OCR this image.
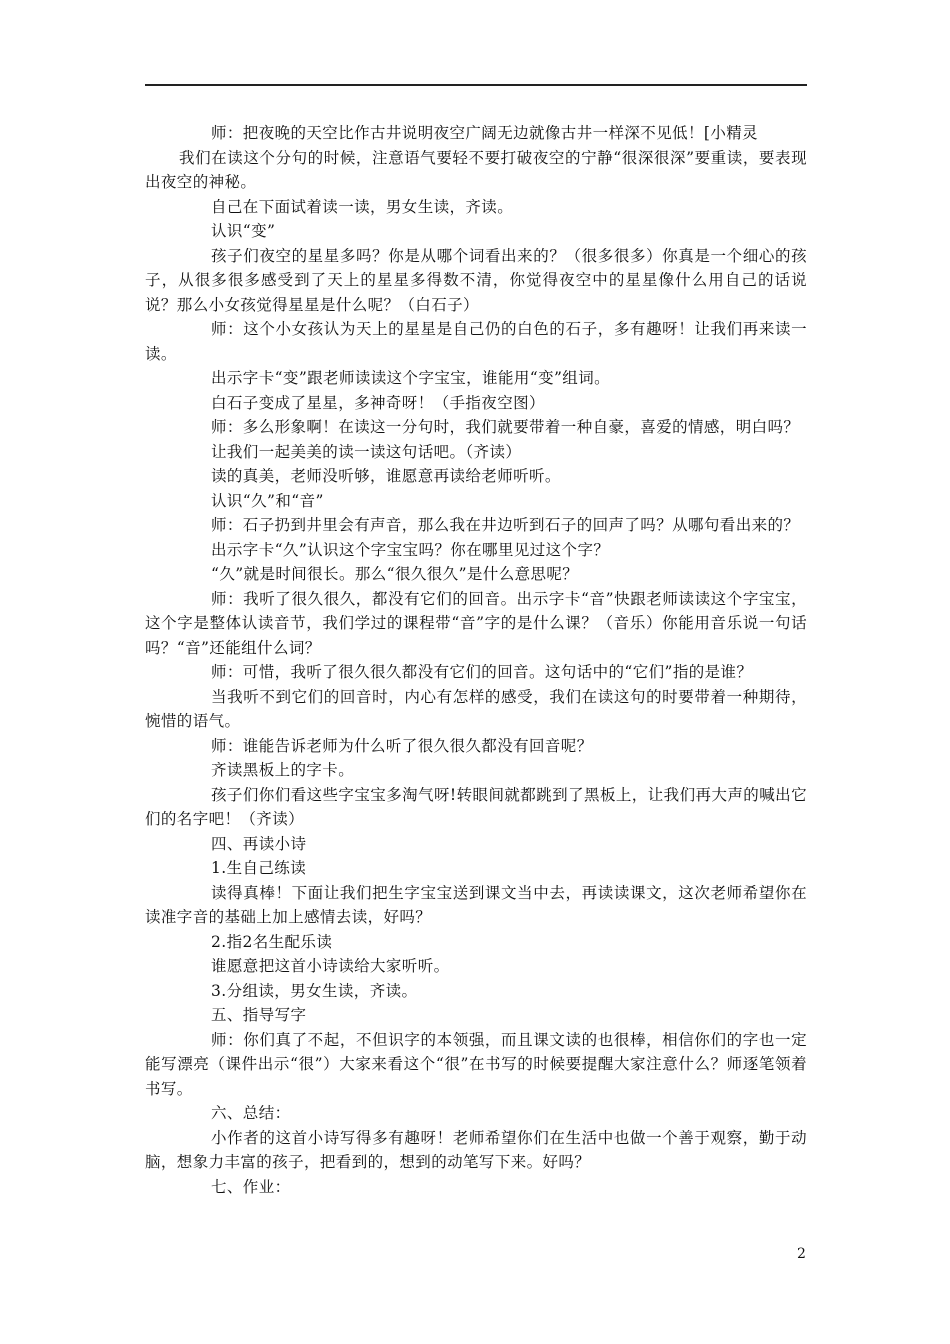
师：把夜晚的天空比作古井说明夜空广阔无边就像古井一样深不见低！[小精灵

我们在读这个分句的时候，注意语气要轻不要打破夜空的宁静“很深很深”要重读，要表现出夜空的神秘。

自己在下面试着读一读，男女生读，齐读。

认识“变”

孩子们夜空的星星多吗？你是从哪个词看出来的？（很多很多）你真是一个细心的孩子，从很多很多感受到了天上的星星多得数不清，你觉得夜空中的星星像什么用自己的话说说？那么小女孩觉得星星是什么呢？（白石子）

师：这个小女孩认为天上的星星是自己仍的白色的石子，多有趣呀！让我们再来读一读。

出示字卡“变”跟老师读读这个字宝宝，谁能用“变”组词。

白石子变成了星星，多神奇呀！（手指夜空图）

师：多么形象啊！在读这一分句时，我们就要带着一种自豪，喜爱的情感，明白吗？

让我们一起美美的读一读这句话吧。（齐读）

读的真美，老师没听够，谁愿意再读给老师听听。

认识“久”和“音”

师：石子扔到井里会有声音，那么我在井边听到石子的回声了吗？从哪句看出来的？

出示字卡“久”认识这个字宝宝吗？你在哪里见过这个字？

“久”就是时间很长。那么“很久很久”是什么意思呢？

师：我听了很久很久，都没有它们的回音。出示字卡“音”快跟老师读读这个字宝宝，这个字是整体认读音节，我们学过的课程带“音”字的是什么课？（音乐）你能用音乐说一句话吗？“音”还能组什么词？

师：可惜，我听了很久很久都没有它们的回音。这句话中的“它们”指的是谁？

当我听不到它们的回音时，内心有怎样的感受，我们在读这句的时要带着一种期待，惋惜的语气。

师：谁能告诉老师为什么听了很久很久都没有回音呢？

齐读黑板上的字卡。

孩子们你们看这些字宝宝多淘气呀!转眼间就都跳到了黑板上，让我们再大声的喊出它们的名字吧！（齐读）

四、再读小诗

1.生自己练读

读得真棒！下面让我们把生字宝宝送到课文当中去，再读读课文，这次老师希望你在读准字音的基础上加上感情去读，好吗？

2.指2名生配乐读

谁愿意把这首小诗读给大家听听。

3.分组读，男女生读，齐读。

五、指导写字

师：你们真了不起，不但识字的本领强，而且课文读的也很棒，相信你们的字也一定能写漂亮（课件出示“很”）大家来看这个“很”在书写的时候要提醒大家注意什么？师逐笔领着书写。

六、总结：

小作者的这首小诗写得多有趣呀！老师希望你们在生活中也做一个善于观察，勤于动脑，想象力丰富的孩子，把看到的，想到的动笔写下来。好吗？

七、作业：

2
